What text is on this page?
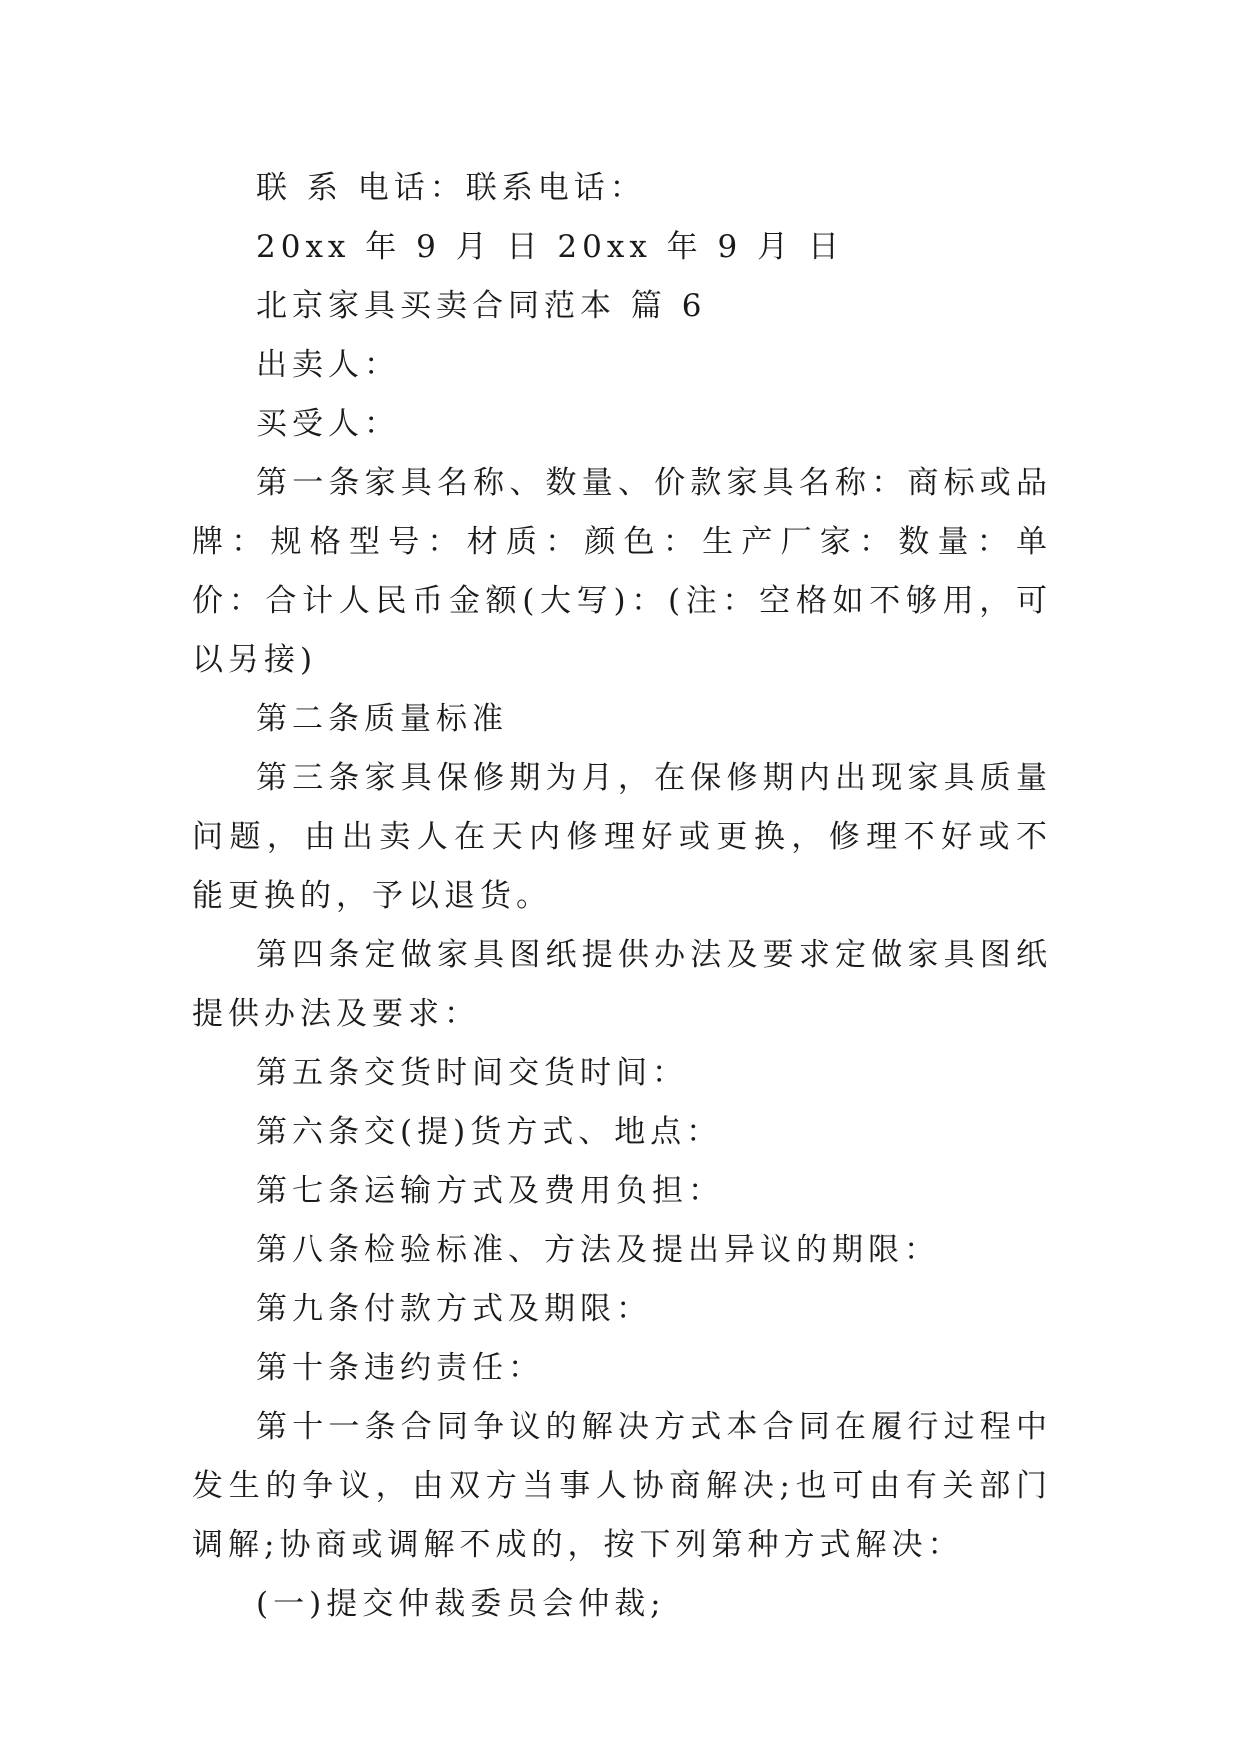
联 系 电话：联系电话：

20xx 年 9 月 日 20xx 年 9 月 日

北京家具买卖合同范本 篇 6

出卖人：

买受人：

第一条家具名称、数量、价款家具名称：商标或品牌：规格型号：材质：颜色：生产厂家：数量：单价：合计人民币金额(大写)：(注：空格如不够用，可以另接)

第二条质量标准

第三条家具保修期为月，在保修期内出现家具质量问题，由出卖人在天内修理好或更换，修理不好或不能更换的，予以退货。

第四条定做家具图纸提供办法及要求定做家具图纸提供办法及要求：

第五条交货时间交货时间：

第六条交(提)货方式、地点：

第七条运输方式及费用负担：

第八条检验标准、方法及提出异议的期限：

第九条付款方式及期限：

第十条违约责任：

第十一条合同争议的解决方式本合同在履行过程中发生的争议，由双方当事人协商解决;也可由有关部门调解;协商或调解不成的，按下列第种方式解决：

(一)提交仲裁委员会仲裁;
